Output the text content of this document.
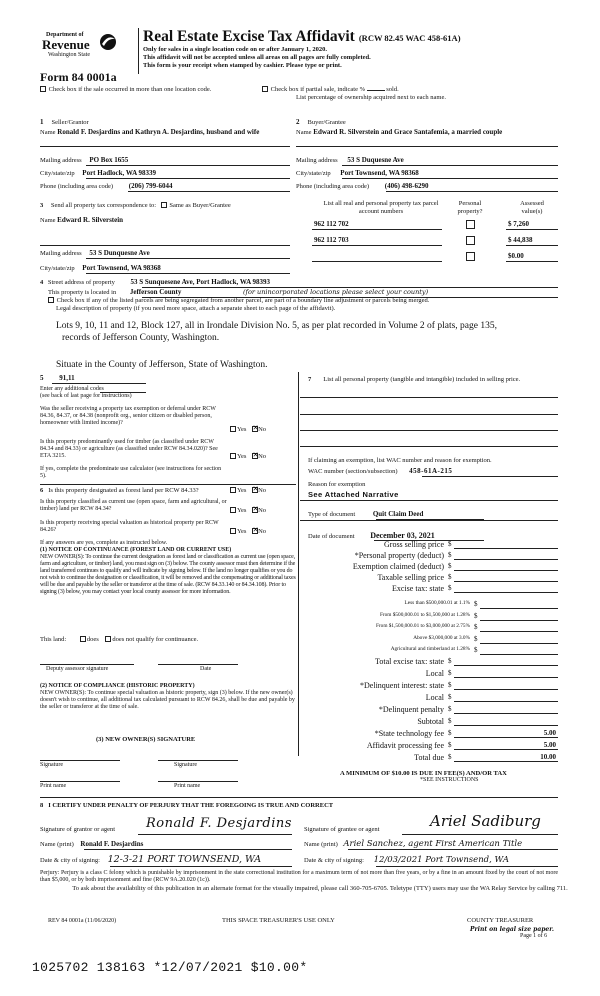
Department of
Revenue
Washington State
Real Estate Excise Tax Affidavit (RCW 82.45 WAC 458-61A)
Only for sales in a single location code on or after January 1, 2020.
This affidavit will not be accepted unless all areas on all pages are fully completed.
This form is your receipt when stamped by cashier. Please type or print.
Form 84 0001a
Check box if the sale occurred in more than one location code.	Check box if partial sale, indicate %	sold.
List percentage of ownership acquired next to each name.
1 Seller/Grantor
Name Ronald F. Desjardins and Kathryn A. Desjardins, husband and wife
Mailing address PO Box 1655
City/state/zip Port Hadlock, WA 98339
Phone (including area code) (206) 799-6044
2 Buyer/Grantee
Name Edward R. Silverstein and Grace Santafemia, a married couple
Mailing address 53 S Duquesne Ave
City/state/zip Port Townsend, WA 98368
Phone (including area code) (406) 498-6290
3 Send all property tax correspondence to: Same as Buyer/Grantee
Name Edward R. Silverstein
Mailing address 53 S Dunquesne Ave
City/state/zip Port Townsend, WA 98368
List all real and personal property tax parcel account numbers
Personal property?
Assessed value(s)
962 112 702	$ 7,260
962 112 703	$ 44,838
$0.00
4 Street address of property 53 S Sunquesene Ave, Port Hadlock, WA 98393
This property is located in Jefferson County	(for unincorporated locations please select your county)
Check box if any of the listed parcels are being segregated from another parcel, are part of a boundary line adjustment or parcels being merged.
Legal description of property (if you need more space, attach a separate sheet to each page of the affidavit).
Lots 9, 10, 11 and 12, Block 127, all in Irondale Division No. 5, as per plat recorded in Volume 2 of plats, page 135,
records of Jefferson County, Washington.
Situate in the County of Jefferson, State of Washington.
5 91,11
Enter any additional codes
(see back of last page for instructions)
Was the seller receiving a property tax exemption or deferral under RCW 84.36, 84.37, or 84.38 (nonprofit org., senior citizen or disabled person, homeowner with limited income)?
Yes ✕ No
Is this property predominantly used for timber (as classified under RCW 84.34 and 84.33) or agriculture (as classified under RCW 84.34.020)? See ETA 3215.	Yes ✕ No
If yes, complete the predominate use calculator (see instructions for section 5).
6 Is this property designated as forest land per RCW 84.33?	Yes ✕ No
Is this property classified as current use (open space, farm and agricultural, or timber) land per RCW 84.34?	Yes ✕ No
Is this property receiving special valuation as historical property per RCW 84.26?	Yes ✕ No
If any answers are yes, complete as instructed below.
(1) NOTICE OF CONTINUANCE (FOREST LAND OR CURRENT USE)
NEW OWNER(S): To continue the current designation as forest land or classification as current use (open space, farm and agriculture, or timber) land, you must sign on (3) below. The county assessor must then determine if the land transferred continues to qualify and will indicate by signing below. If the land no longer qualifies or you do not wish to continue the designation or classification, it will be removed and the compensating or additional taxes will be due and payable by the seller or transferor at the time of sale. (RCW 84.33.140 or 84.34.108). Prior to signing (3) below, you may contact your local county assessor for more information.
This land:	does does not qualify for continuance.
Deputy assessor signature	Date
(2) NOTICE OF COMPLIANCE (HISTORIC PROPERTY)
NEW OWNER(S): To continue special valuation as historic property, sign (3) below. If the new owner(s) doesn't wish to continue, all additional tax calculated pursuant to RCW 84.26, shall be due and payable by the seller or transferor at the time of sale.
(3) NEW OWNER(S) SIGNATURE
Signature	Signature
Print name	Print name
7 List all personal property (tangible and intangible) included in selling price.
If claiming an exemption, list WAC number and reason for exemption.
WAC number (section/subsection) 458-61A-215
Reason for exemption
See Attached Narrative
Type of document	Quit Claim Deed
Date of document December 03, 2021
Gross selling price $
*Personal property (deduct) $
Exemption claimed (deduct) $
Taxable selling price $
Excise tax: state $
Less than $500,000.01 at 1.1% $
From $500,000.01 to $1,500,000 at 1.28% $
From $1,500,000.01 to $3,000,000 at 2.75% $
Above $3,000,000 at 3.0% $
Agricultural and timberland at 1.28% $
Total excise tax: state $
Local $
*Delinquent interest: state $
Local $
*Delinquent penalty $
Subtotal $
*State technology fee $	5.00
Affidavit processing fee $	5.00
Total due $	10.00
A MINIMUM OF $10.00 IS DUE IN FEE(S) AND/OR TAX
*SEE INSTRUCTIONS
8 I CERTIFY UNDER PENALTY OF PERJURY THAT THE FOREGOING IS TRUE AND CORRECT
Signature of grantor or agent Ronald F. Desjardins
Name (print) Ronald F. Desjardins
Date & city of signing: 12-3-21 PORT TOWNSEND, WA
Signature of grantee or agent	Ariel Sadiburg
Name (print) Ariel Sanchez, agent First American Title
Date & city of signing: 12/03/2021 Port Townsend, WA
Perjury: Perjury is a class C felony which is punishable by imprisonment in the state correctional institution for a maximum term of not more than five years, or by a fine in an amount fixed by the court of not more than $5,000, or by both imprisonment and fine (RCW 9A.20.020 (1c)).
To ask about the availability of this publication in an alternate format for the visually impaired, please call 360-705-6705. Teletype (TTY) users may use the WA Relay Service by calling 711.
REV 84 0001a (11/06/2020)	THIS SPACE TREASURER'S USE ONLY	COUNTY TREASURER
Print on legal size paper.
Page 1 of 6
1025702 138163 *12/07/2021 $10.00*
